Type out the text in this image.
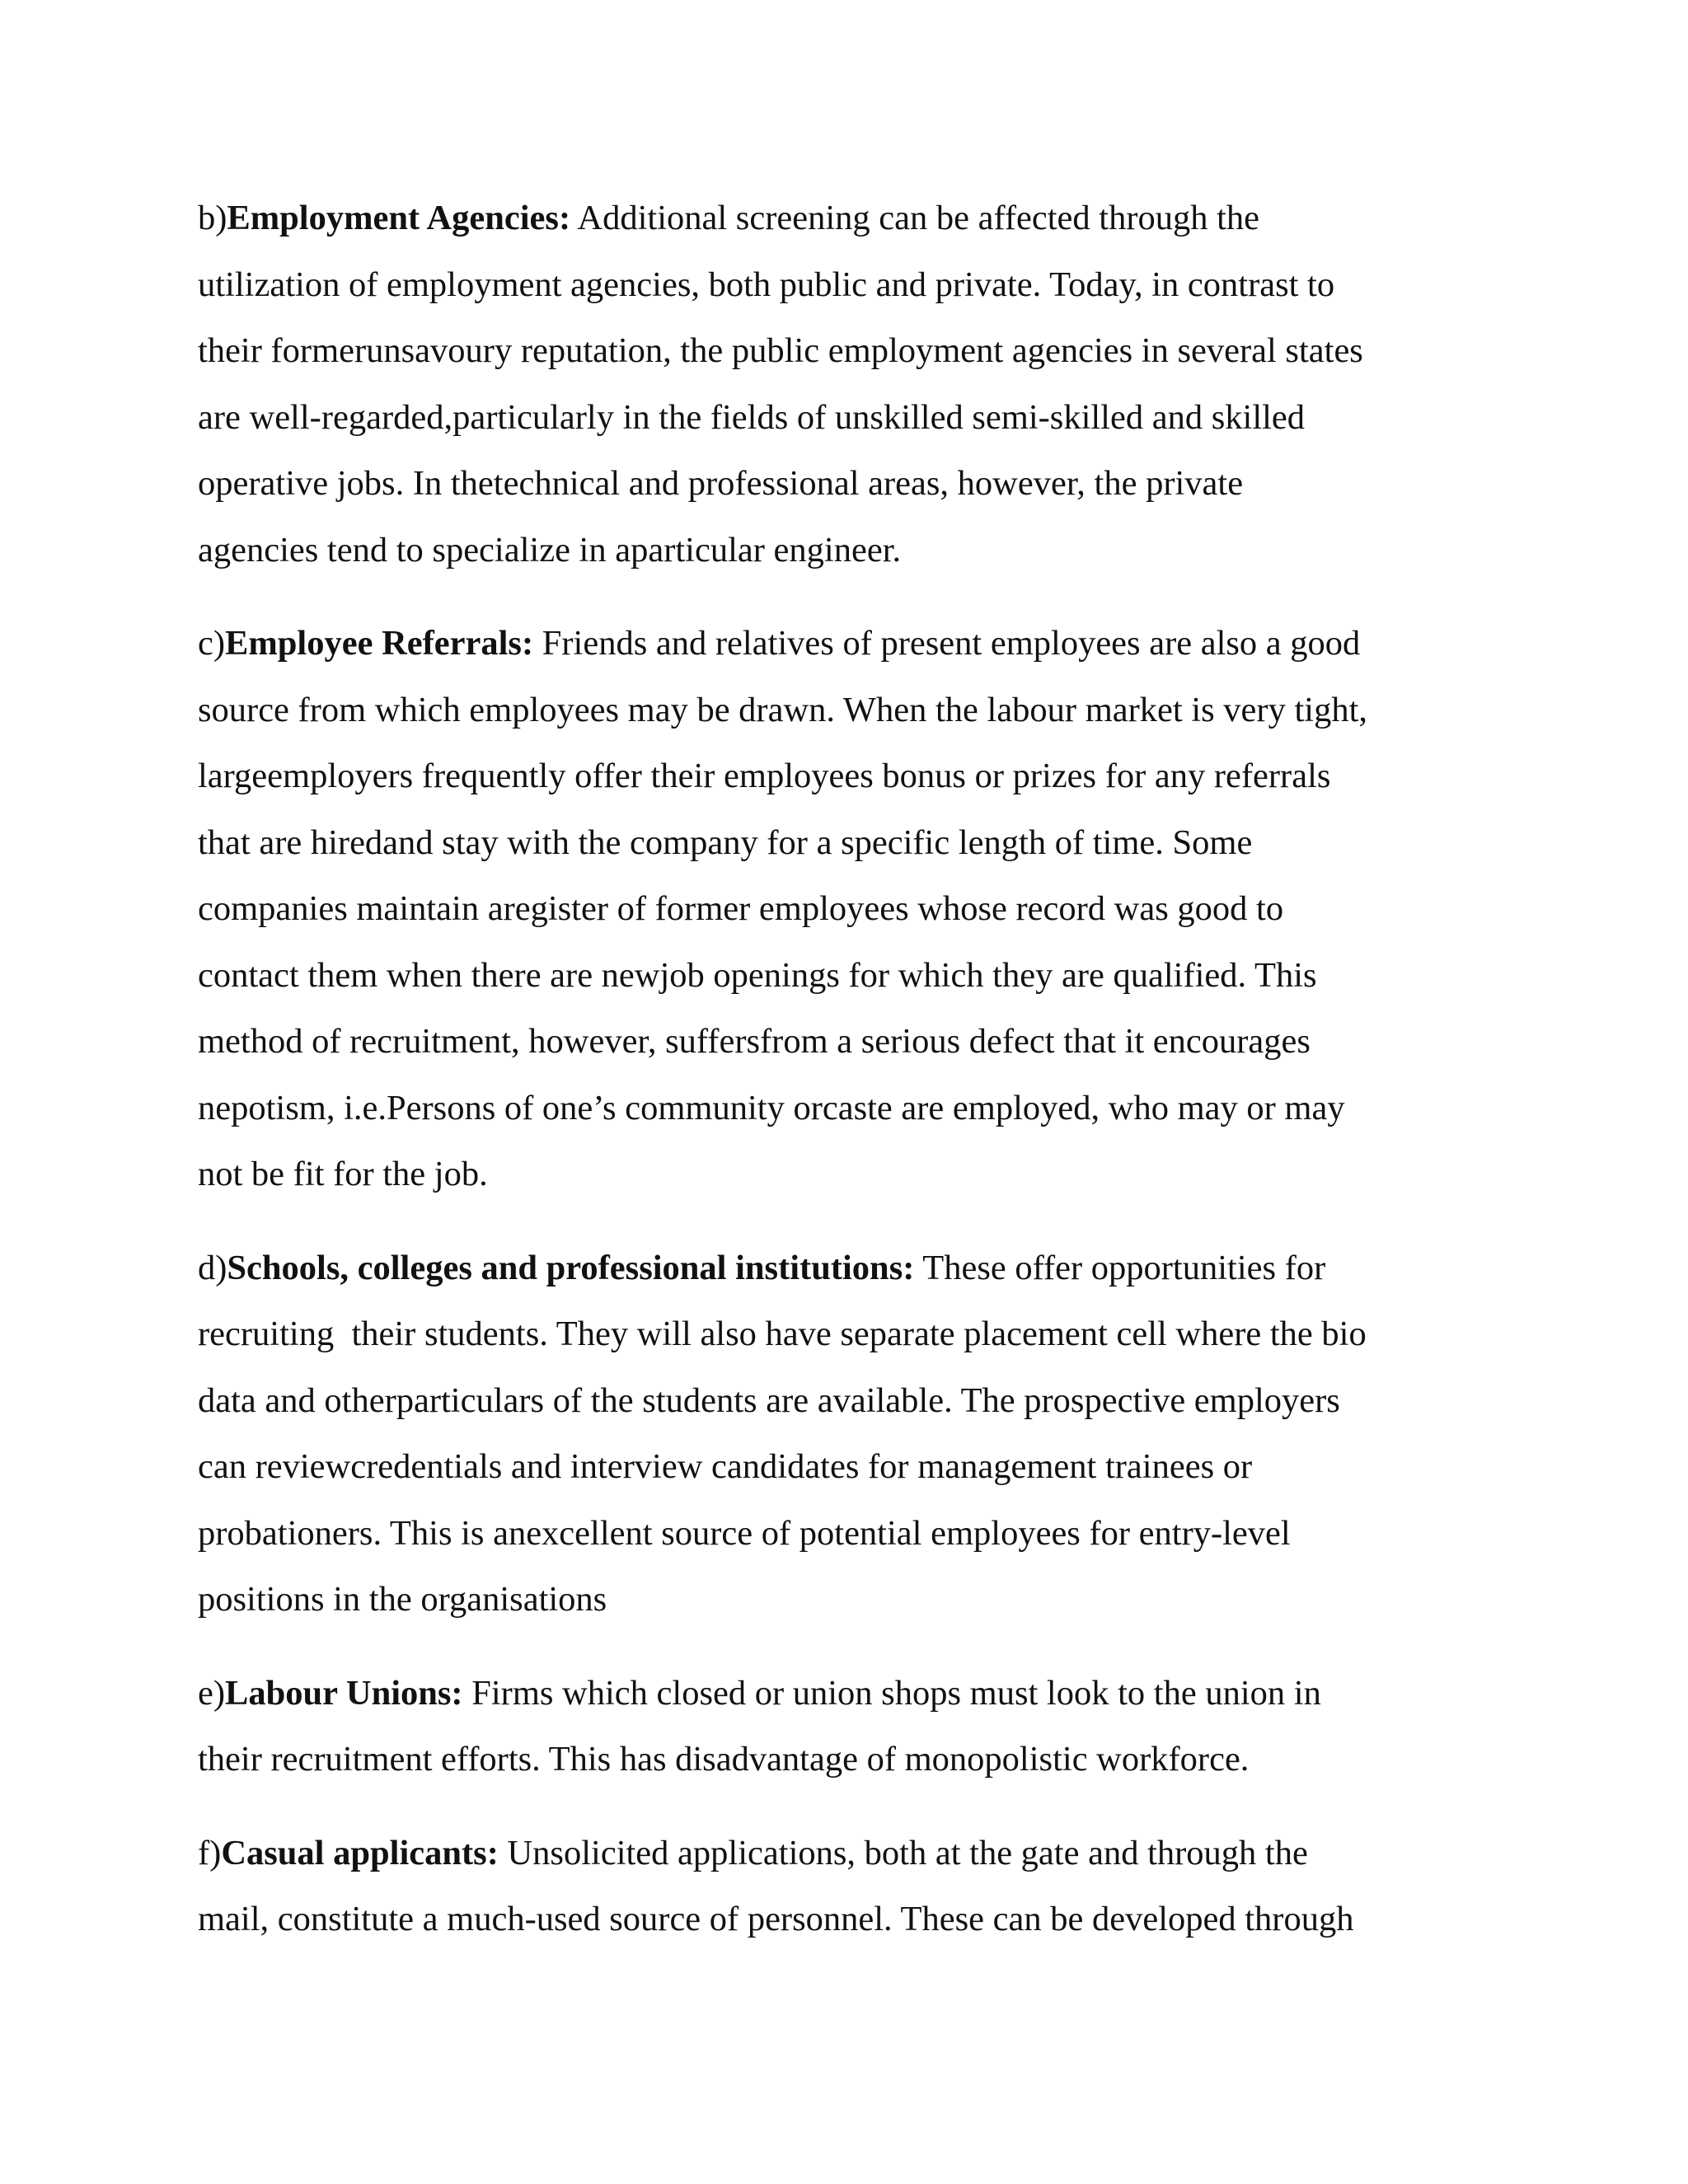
b)Employment Agencies: Additional screening can be affected through the
utilization of employment agencies, both public and private. Today, in contrast to
their formerunsavoury reputation, the public employment agencies in several states
are well-regarded,particularly in the fields of unskilled semi-skilled and skilled
operative jobs. In thetechnical and professional areas, however, the private
agencies tend to specialize in aparticular engineer.

c)Employee Referrals: Friends and relatives of present employees are also a good
source from which employees may be drawn. When the labour market is very tight,
largeemployers frequently offer their employees bonus or prizes for any referrals
that are hiredand stay with the company for a specific length of time. Some
companies maintain aregister of former employees whose record was good to
contact them when there are newjob openings for which they are qualified. This
method of recruitment, however, suffersfrom a serious defect that it encourages
nepotism, i.e.Persons of one’s community orcaste are employed, who may or may
not be fit for the job.

d)Schools, colleges and professional institutions: These offer opportunities for
recruiting  their students. They will also have separate placement cell where the bio
data and otherparticulars of the students are available. The prospective employers
can reviewcredentials and interview candidates for management trainees or
probationers. This is anexcellent source of potential employees for entry-level
positions in the organisations

e)Labour Unions: Firms which closed or union shops must look to the union in
their recruitment efforts. This has disadvantage of monopolistic workforce.

f)Casual applicants: Unsolicited applications, both at the gate and through the
mail, constitute a much-used source of personnel. These can be developed through
